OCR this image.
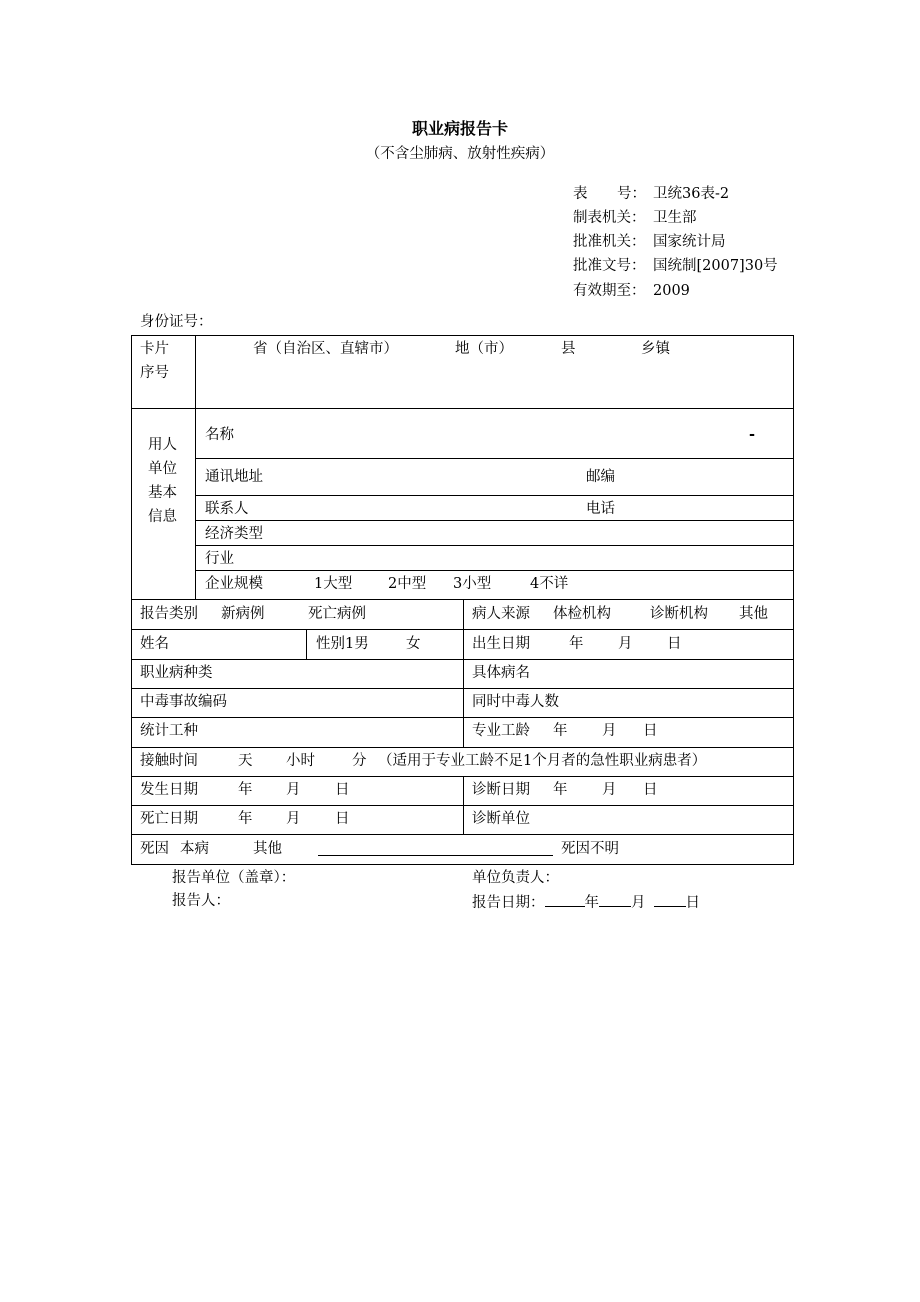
职业病报告卡
（不含尘肺病、放射性疾病）
表 号： 卫统36表-2
制表机关： 卫生部
批准机关： 国家统计局
批准文号： 国统制[2007]30号
有效期至： 2009
身份证号：
卡片
序号
省（自治区、直辖市）	地（市）	县	乡镇
用人
单位
基本
信息
名称	-
通讯地址	邮编
联系人	电话
经济类型
行业
企业规模	1大型 2中型 3小型	4不详
报告类别 新病例	死亡病例	病人来源 体检机构	诊断机构 其他
姓名	性别1男	女	出生日期	年 月 日
职业病种类	具体病名
中毒事故编码	同时中毒人数
统计工种	专业工龄 年 月 日
接触时间	天 小时	分 （适用于专业工龄不足1个月者的急性职业病患者）
发生日期	年 月 日	诊断日期 年 月 日
死亡日期	年 月 日	诊断单位
死因 本病	其他	死因不明
报告单位（盖章）：	单位负责人：
报告人：	报告日期：	年 月	日
